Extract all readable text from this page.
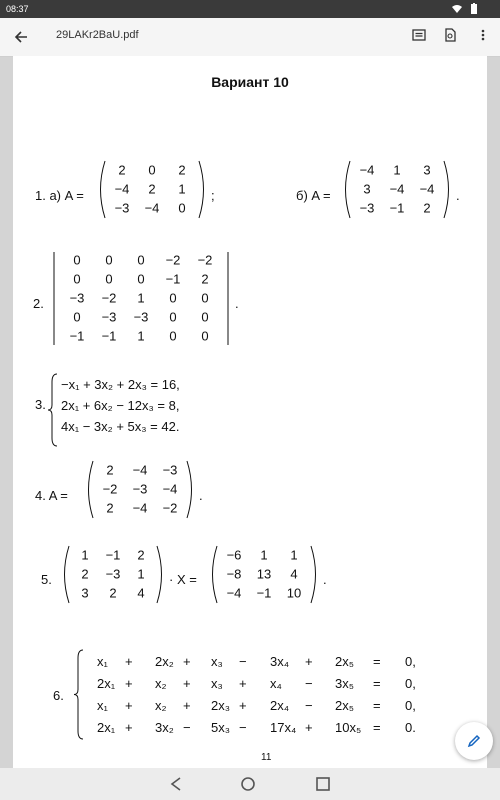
08:37
29LAKr2BaU.pdf
Вариант 10
1. а) A =
2 0 2
−4 2 1
−3 −4 0
;	б) A =
−4 1 3
3 −4 −4
−3 −1 2
.
2.
0 0 0 −2 −2
0 0 0 −1 2
−3 −2 1 0 0
0 −3 −3 0 0
−1 −1 1 0 0
.
3.
−x₁ + 3x₂ + 2x₃ = 16,
2x₁ + 6x₂ − 12x₃ = 8,
4x₁ − 3x₂ + 5x₃ = 42.
4. A =
2 −4 −3
−2 −3 −4
2 −4 −2
.
5.
1 −1 2
2 −3 1
3 2 4
· X =
−6 1 1
−8 13 4
−4 −1 10
.
6.
x₁ + 2x₂ + x₃ − 3x₄ + 2x₅ = 0,
2x₁ + x₂ + x₃ + x₄ − 3x₅ = 0,
x₁ + x₂ + 2x₃ + 2x₄ − 2x₅ = 0,
2x₁ + 3x₂ − 5x₃ − 17x₄ + 10x₅ = 0.
11
